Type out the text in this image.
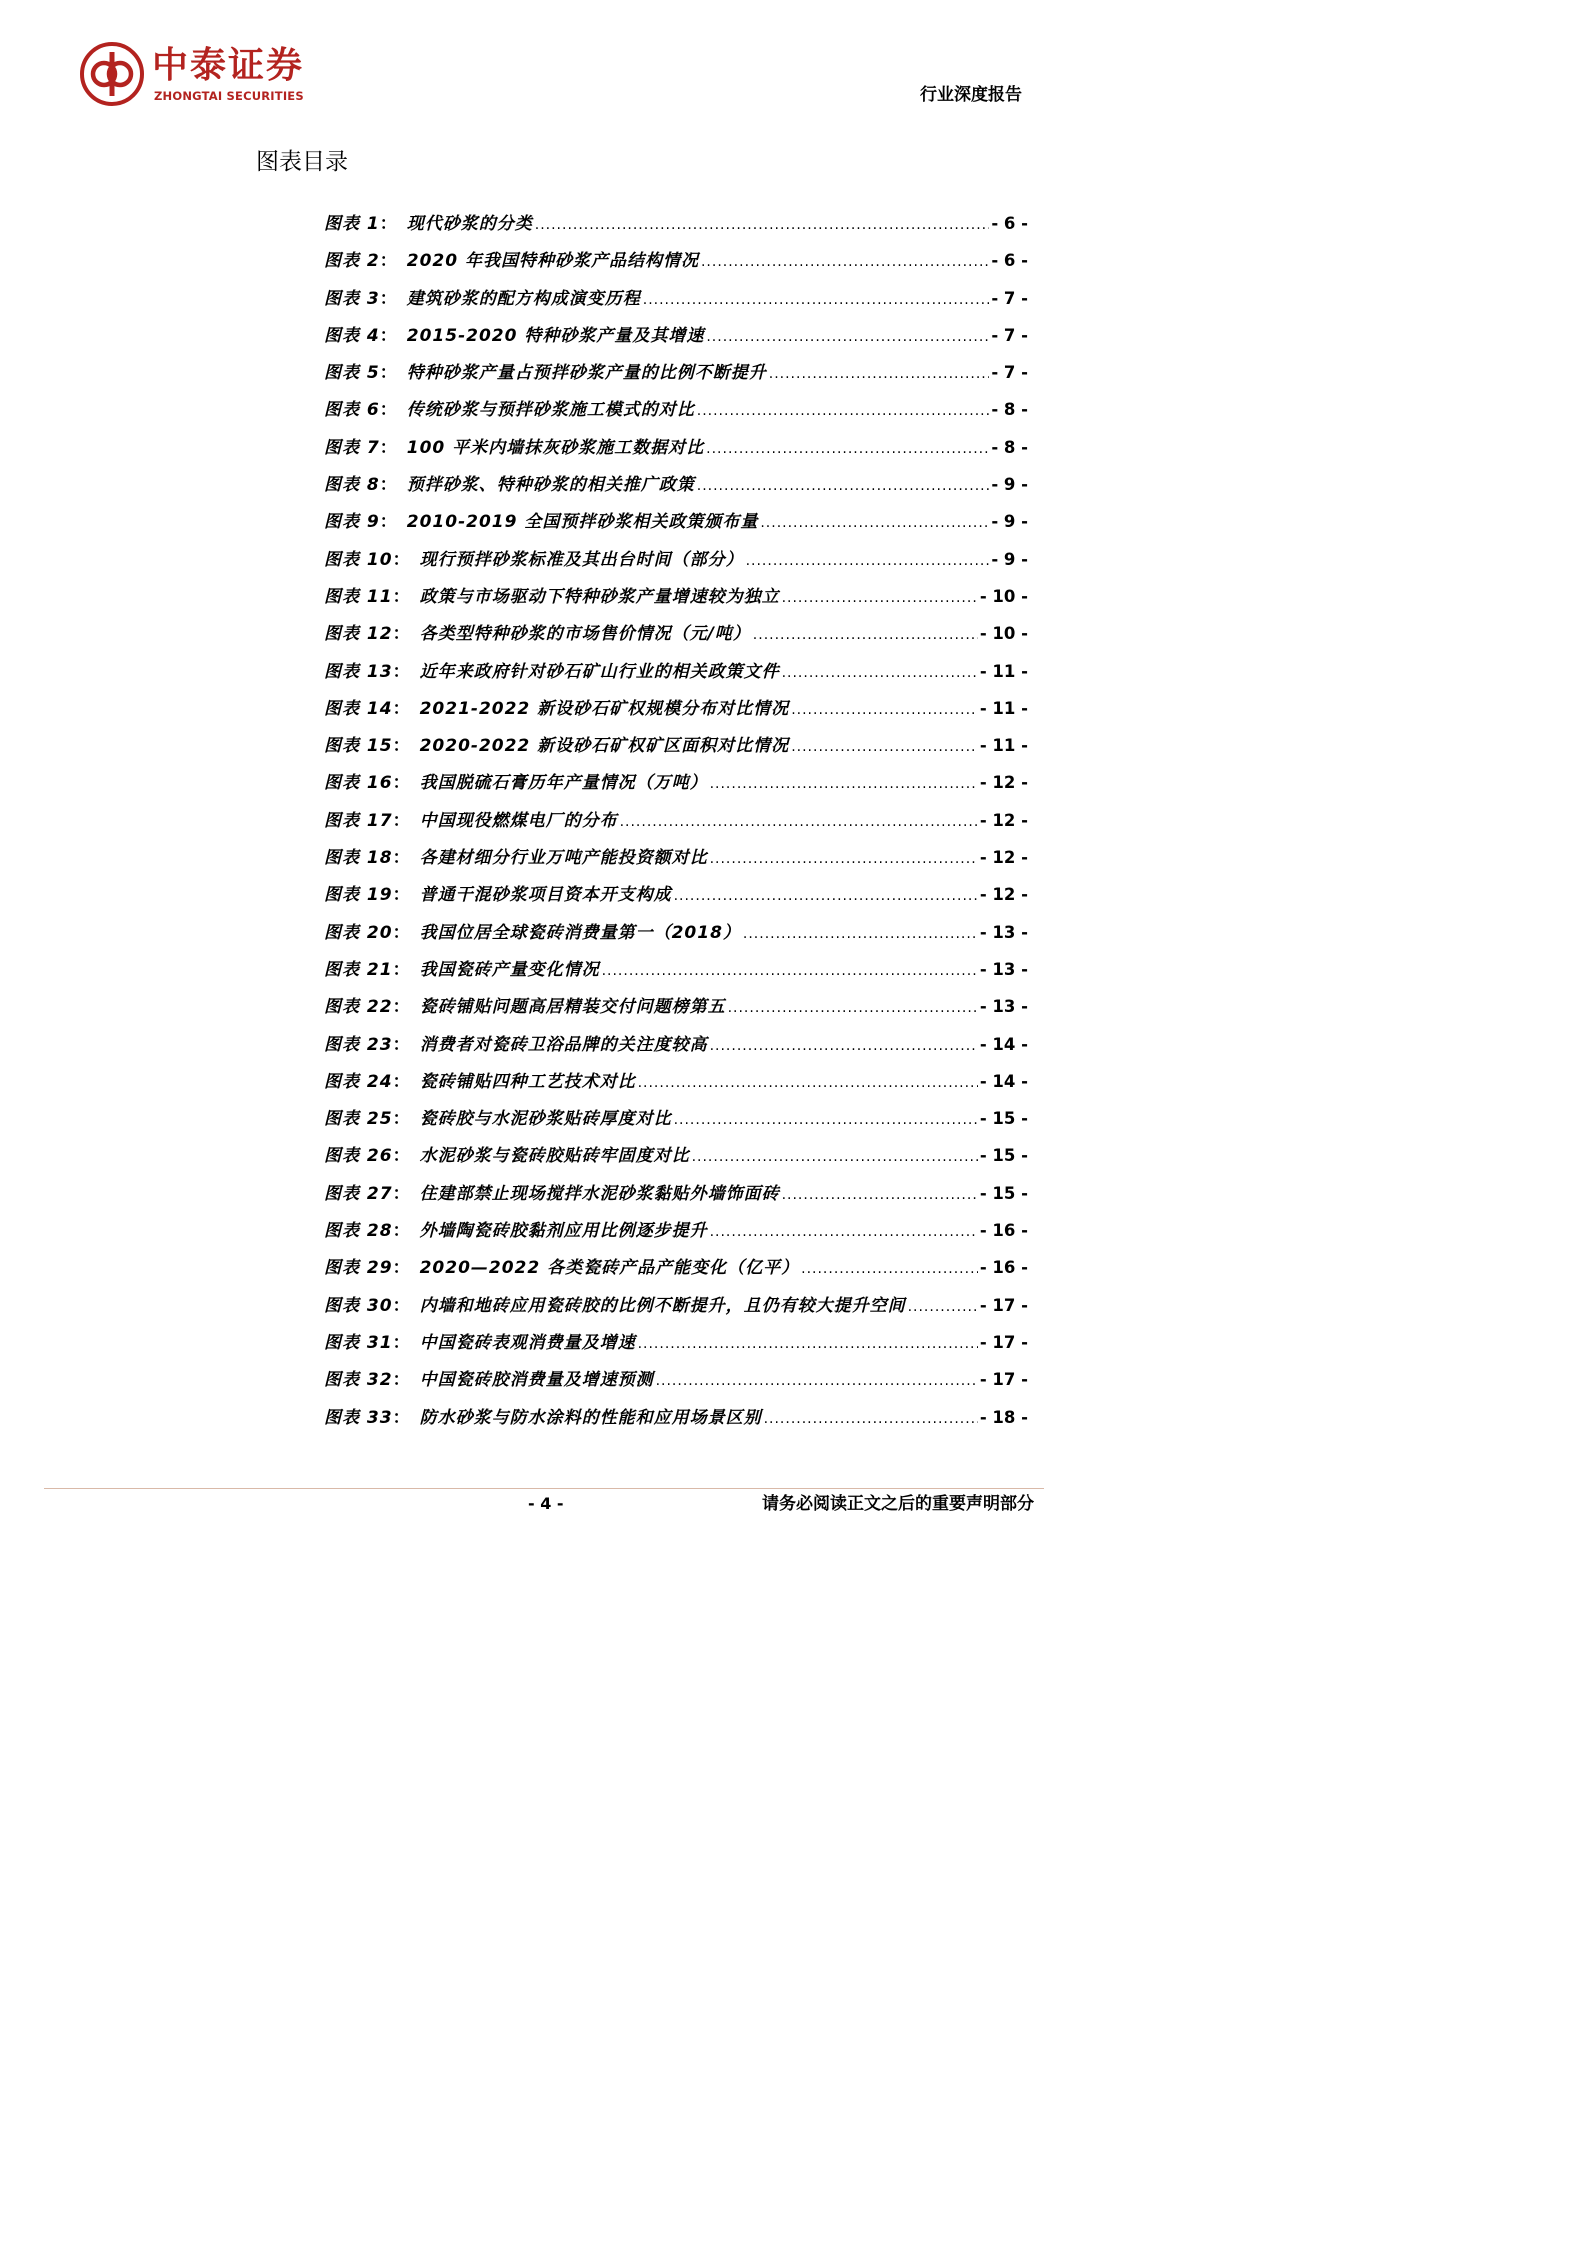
中泰证券
ZHONGTAI SECURITIES	行业深度报告
图表目录
图表 1 ： 现代砂浆的分类 .....	- 6 -
图表 2 ： 2020 年我国特种砂浆产品结构情况 .....	- 6 -
图表 3 ： 建筑砂浆的配方构成演变历程 .....	- 7 -
图表 4 ： 2015-2020 特种砂浆产量及其增速 .....	- 7 -
图表 5 ： 特种砂浆产量占预拌砂浆产量的比例不断提升 .....	- 7 -
图表 6 ： 传统砂浆与预拌砂浆施工模式的对比 .....	- 8 -
图表 7 ： 100 平米内墙抹灰砂浆施工数据对比 .....	- 8 -
图表 8 ： 预拌砂浆、特种砂浆的相关推广政策 .....	- 9 -
图表 9 ： 2010-2019 全国预拌砂浆相关政策颁布量 .....	- 9 -
图表 10 ： 现行预拌砂浆标准及其出台时间（部分） .....	- 9 -
图表 11 ： 政策与市场驱动下特种砂浆产量增速较为独立 .....	- 10 -
图表 12 ： 各类型特种砂浆的市场售价情况（元/吨） .....	- 10 -
图表 13 ： 近年来政府针对砂石矿山行业的相关政策文件 .....	- 11 -
图表 14 ： 2021-2022 新设砂石矿权规模分布对比情况 .....	- 11 -
图表 15 ： 2020-2022 新设砂石矿权矿区面积对比情况 .....	- 11 -
图表 16 ： 我国脱硫石膏历年产量情况（万吨） .....	- 12 -
图表 17 ： 中国现役燃煤电厂的分布 .....	- 12 -
图表 18 ： 各建材细分行业万吨产能投资额对比 .....	- 12 -
图表 19 ： 普通干混砂浆项目资本开支构成 .....	- 12 -
图表 20 ： 我国位居全球瓷砖消费量第一（2018） .....	- 13 -
图表 21 ： 我国瓷砖产量变化情况 .....	- 13 -
图表 22 ： 瓷砖铺贴问题高居精装交付问题榜第五 .....	- 13 -
图表 23 ： 消费者对瓷砖卫浴品牌的关注度较高 .....	- 14 -
图表 24 ： 瓷砖铺贴四种工艺技术对比 .....	- 14 -
图表 25 ： 瓷砖胶与水泥砂浆贴砖厚度对比 .....	- 15 -
图表 26 ： 水泥砂浆与瓷砖胶贴砖牢固度对比 .....	- 15 -
图表 27 ： 住建部禁止现场搅拌水泥砂浆黏贴外墙饰面砖 .....	- 15 -
图表 28 ： 外墙陶瓷砖胶黏剂应用比例逐步提升 .....	- 16 -
图表 29 ： 2020—2022 各类瓷砖产品产能变化（亿平） .....	- 16 -
图表 30 ： 内墙和地砖应用瓷砖胶的比例不断提升，且仍有较大提升空间 .....	- 17 -
图表 31 ： 中国瓷砖表观消费量及增速 .....	- 17 -
图表 32 ： 中国瓷砖胶消费量及增速预测 .....	- 17 -
图表 33 ： 防水砂浆与防水涂料的性能和应用场景区别 .....	- 18 -
- 4 -	请务必阅读正文之后的重要声明部分
